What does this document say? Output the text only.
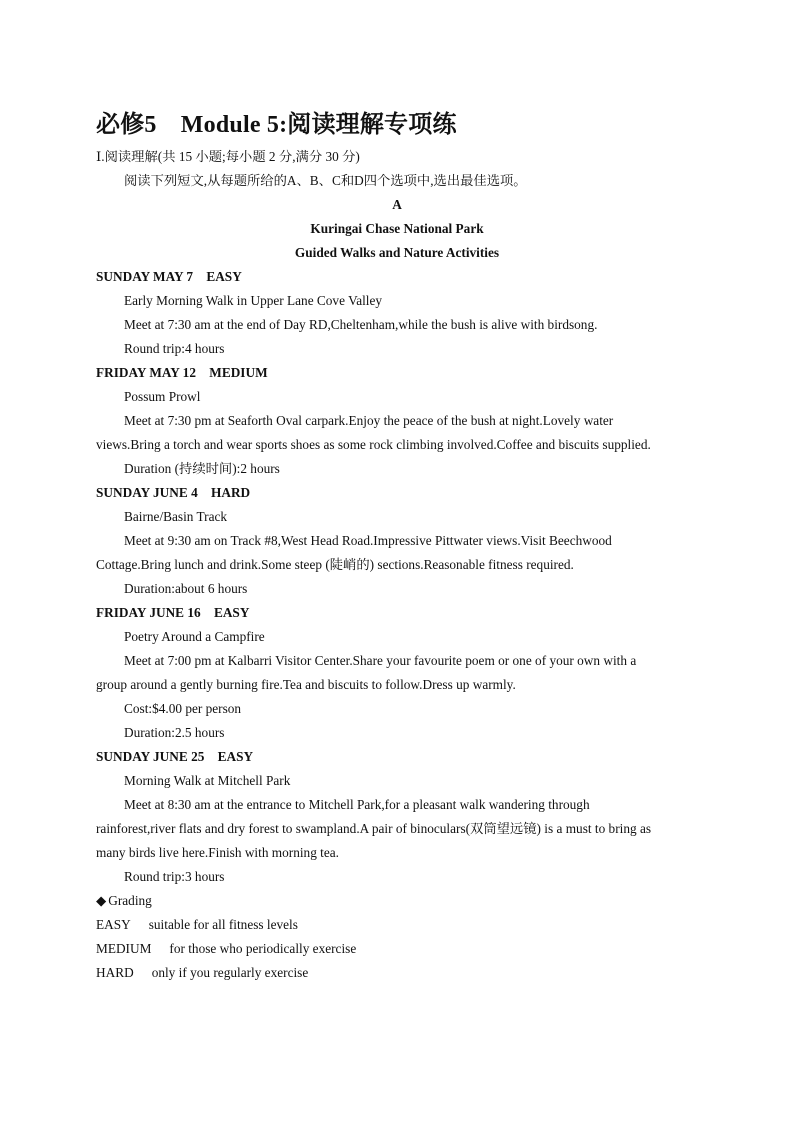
必修5　Module 5:阅读理解专项练
Ⅰ.阅读理解(共 15 小题;每小题 2 分,满分 30 分)
阅读下列短文,从每题所给的A、B、C和D四个选项中,选出最佳选项。
A
Kuringai Chase National Park
Guided Walks and Nature Activities
SUNDAY MAY 7　EASY
Early Morning Walk in Upper Lane Cove Valley
Meet at 7:30 am at the end of Day RD,Cheltenham,while the bush is alive with birdsong.
Round trip:4 hours
FRIDAY MAY 12　MEDIUM
Possum Prowl
Meet at 7:30 pm at Seaforth Oval carpark.Enjoy the peace of the bush at night.Lovely water
views.Bring a torch and wear sports shoes as some rock climbing involved.Coffee and biscuits supplied.
Duration (持续时间):2 hours
SUNDAY JUNE 4　HARD
Bairne/Basin Track
Meet at 9:30 am on Track #8,West Head Road.Impressive Pittwater views.Visit Beechwood
Cottage.Bring lunch and drink.Some steep (陡峭的) sections.Reasonable fitness required.
Duration:about 6 hours
FRIDAY JUNE 16　EASY
Poetry Around a Campfire
Meet at 7:00 pm at Kalbarri Visitor Center.Share your favourite poem or one of your own with a
group around a gently burning fire.Tea and biscuits to follow.Dress up warmly.
Cost:$4.00 per person
Duration:2.5 hours
SUNDAY JUNE 25　EASY
Morning Walk at Mitchell Park
Meet at 8:30 am at the entrance to Mitchell Park,for a pleasant walk wandering through
rainforest,river flats and dry forest to swampland.A pair of binoculars(双筒望远镜) is a must to bring as
many birds live here.Finish with morning tea.
Round trip:3 hours
◆ Grading
EASY suitable for all fitness levels
MEDIUM for those who periodically exercise
HARD only if you regularly exercise
